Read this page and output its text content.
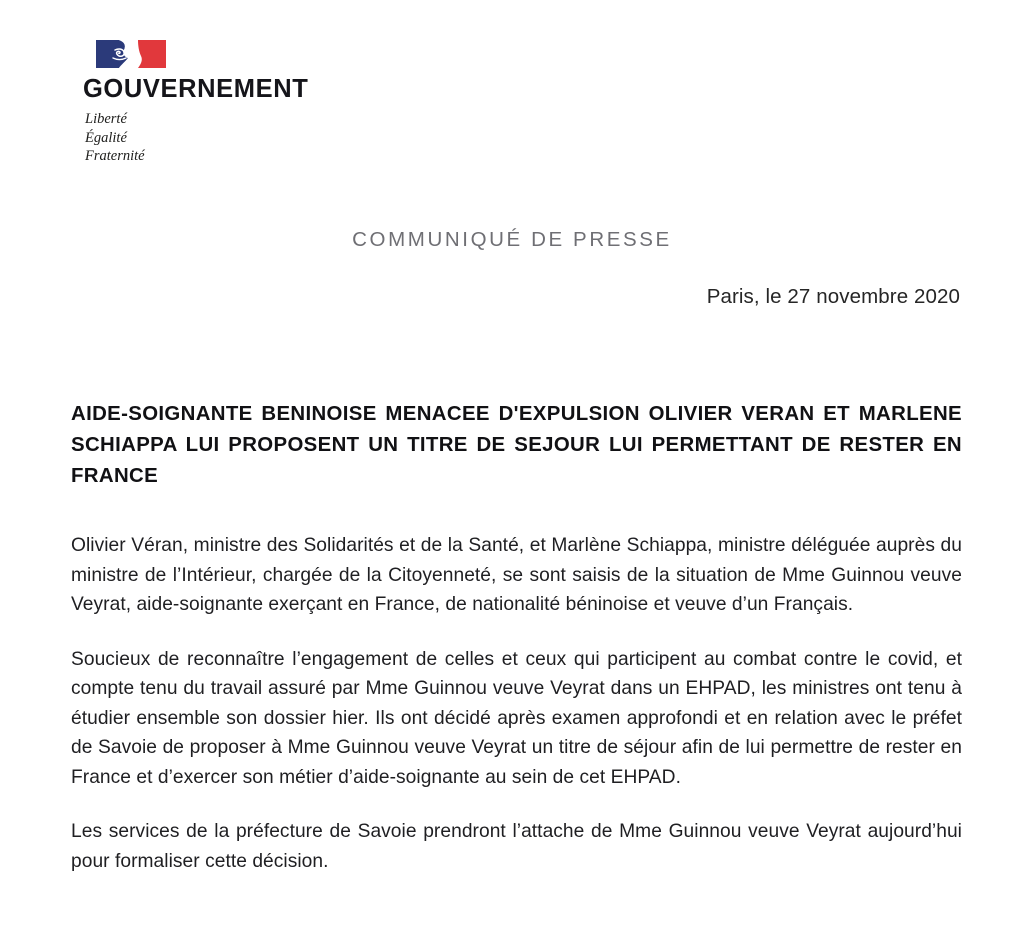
GOUVERNEMENT
Liberté
Égalité
Fraternité
COMMUNIQUÉ DE PRESSE
Paris, le 27 novembre 2020
AIDE-SOIGNANTE BENINOISE MENACEE D'EXPULSION OLIVIER VERAN ET MARLENE SCHIAPPA LUI PROPOSENT UN TITRE DE SEJOUR LUI PERMETTANT DE RESTER EN FRANCE

Olivier Véran, ministre des Solidarités et de la Santé, et Marlène Schiappa, ministre déléguée auprès du ministre de l’Intérieur, chargée de la Citoyenneté, se sont saisis de la situation de Mme Guinnou veuve Veyrat, aide-soignante exerçant en France, de nationalité béninoise et veuve d’un Français.

Soucieux de reconnaître l’engagement de celles et ceux qui participent au combat contre le covid, et compte tenu du travail assuré par Mme Guinnou veuve Veyrat dans un EHPAD, les ministres ont tenu à étudier ensemble son dossier hier. Ils ont décidé après examen approfondi et en relation avec le préfet de Savoie de proposer à Mme Guinnou veuve Veyrat un titre de séjour afin de lui permettre de rester en France et d’exercer son métier d’aide-soignante au sein de cet EHPAD.

Les services de la préfecture de Savoie prendront l’attache de Mme Guinnou veuve Veyrat aujourd’hui pour formaliser cette décision.
